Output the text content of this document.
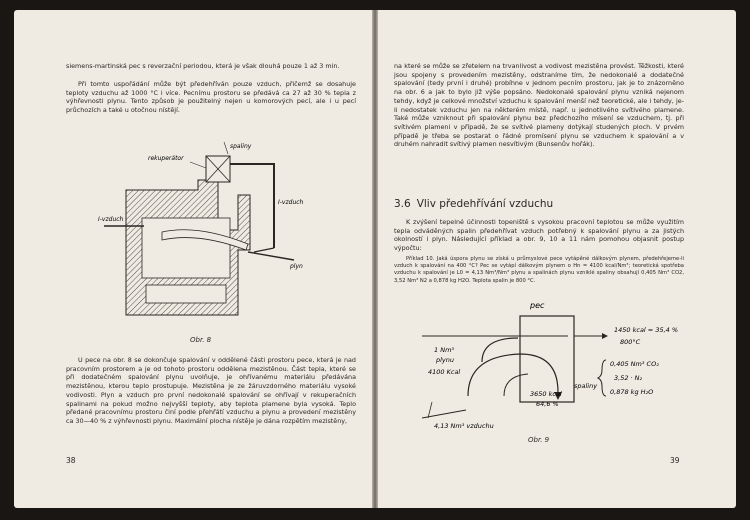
siemens-martinská pec s reverzační periodou, která je však dlouhá pouze 1 až 3 min.

Při tomto uspořádání může být předehříván pouze vzduch, přičemž se dosahuje teploty vzduchu až 1000 °C i více. Pecnímu prostoru se předává ca 27 až 30 % tepla z výhřevnosti plynu. Tento způsob je použitelný nejen u komorových pecí, ale i u pecí průchozích a také u otočnou nístějí.

spaliny
rekuperátor
I-vzduch
I-vzduch
plyn
Obr. 8

U pece na obr. 8 se dokončuje spalování v oddělené části prostoru pece, která je nad pracovním prostorem a je od tohoto prostoru oddělena mezistěnou. Část tepla, které se při dodatečném spalování plynu uvolňuje, je ohřívanému materiálu předávána mezistěnou, kterou teplo prostupuje. Mezistěna je ze žáruvzdorného materiálu vysoké vodivosti. Plyn a vzduch pro první nedokonalé spalování se ohřívají v rekuperačních spalinami na pokud možno nejvyšší teploty, aby teplota plamene byla vysoká. Teplo předané pracovnímu prostoru činí podle přehřátí vzduchu a plynu a provedení mezistěny ca 30—40 % z výhřevnosti plynu. Maximální plocha nístěje je dána rozpětím mezistěny,

38

na které se může se zřetelem na trvanlivost a vodivost mezistěna provést. Těžkosti, které jsou spojeny s provedením mezistěny, odstraníme tím, že nedokonalé a dodatečné spalování (tedy první i druhé) probíhne v jednom pecním prostoru, jak je to znázorněno na obr. 6 a jak to bylo již výše popsáno. Nedokonalé spalování plynu vzniká nejenom tehdy, když je celkové množství vzduchu k spalování menší než teoretické, ale i tehdy, je-li nedostatek vzduchu jen na některém místě, např. u jednotlivého svítivého plamene. Také může vzniknout při spalování plynu bez předchozího mísení se vzduchem, tj. při svítivém plameni v případě, že se svítivé plameny dotýkají studených ploch. V prvém případě je třeba se postarat o řádné promísení plynu se vzduchem k spalování a v druhém nahradit svítivý plamen nesvítivým (Bunsenův hořák).

3.6 Vliv předehřívání vzduchu

K zvýšení tepelné účinnosti topeniště s vysokou pracovní teplotou se může využitím tepla odváděných spalin předehřívat vzduch potřebný k spalování plynu a za jistých okolností i plyn. Následující příklad a obr. 9, 10 a 11 nám pomohou objasnit postup výpočtu:

Příklad 10. Jaká úspora plynu se získá u průmyslové pece vytápěné dálkovým plynem, předehřejeme-li vzduch k spalování na 400 °C? Pec se vytápí dálkovým plynem o Hn = 4100 kcal/Nm³; teoretická spotřeba vzduchu k spalování je L0 = 4,13 Nm³/Nm³ plynu a spalinách plynu vzniklé spaliny obsahují 0,405 Nm³ CO2, 3,52 Nm³ N2 a 0,878 kg H2O. Teplota spalin je 800 °C.

pec
1450 kcal = 35,4 %
800°C
1 Nm³
plynu
4100 Kcal
3650 kcal
64,6 %
spaliny
0,405 Nm³ CO₂
3,52 · N₂
0,878 kg H₂O
4,13 Nm³ vzduchu
Obr. 9
39
